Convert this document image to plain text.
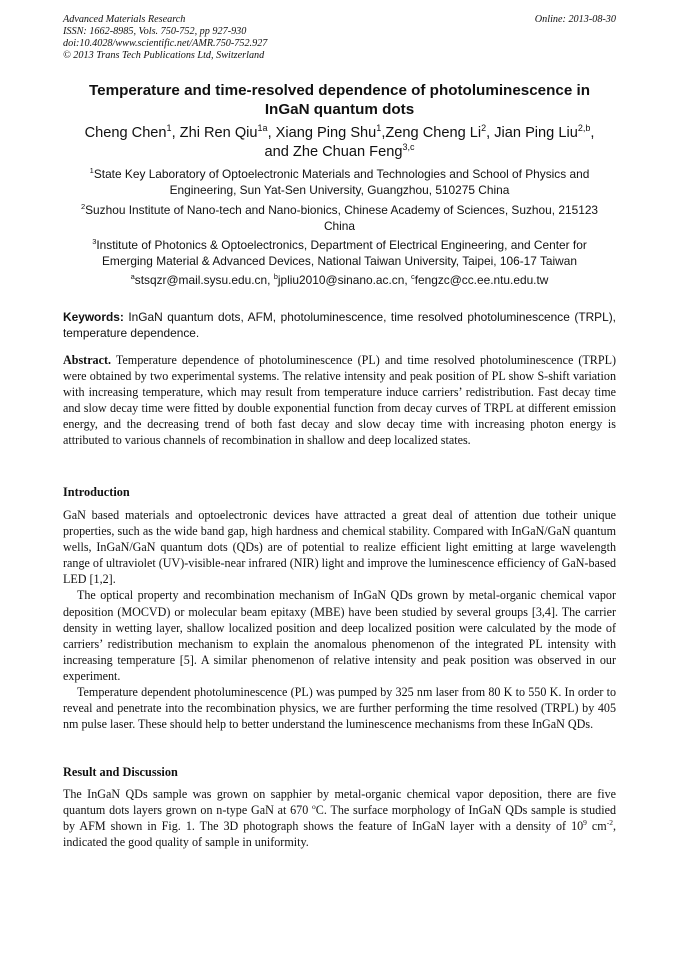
Advanced Materials Research	Online: 2013-08-30
ISSN: 1662-8985, Vols. 750-752, pp 927-930
doi:10.4028/www.scientific.net/AMR.750-752.927
© 2013 Trans Tech Publications Ltd, Switzerland
Temperature and time-resolved dependence of photoluminescence in
InGaN quantum dots
Cheng Chen$^1$, Zhi Ren Qiu$^{1a}$, Xiang Ping Shu$^1$,Zeng Cheng Li$^2$, Jian Ping Liu$^{2,b}$,
and Zhe Chuan Feng$^{3,c}$
$^1$State Key Laboratory of Optoelectronic Materials and Technologies and School of Physics and
Engineering, Sun Yat-Sen University, Guangzhou, 510275 China
$^2$Suzhou Institute of Nano-tech and Nano-bionics, Chinese Academy of Sciences, Suzhou, 215123
China
$^3$Institute of Photonics & Optoelectronics, Department of Electrical Engineering, and Center for
Emerging Material & Advanced Devices, National Taiwan University, Taipei, 106-17 Taiwan
$^a$stsqzr@mail.sysu.edu.cn, $^b$jpliu2010@sinano.ac.cn, $^c$fengzc@cc.ee.ntu.edu.tw
Keywords: InGaN quantum dots, AFM, photoluminescence, time resolved photoluminescence (TRPL), temperature dependence.
Abstract. Temperature dependence of photoluminescence (PL) and time resolved photoluminescence (TRPL) were obtained by two experimental systems. The relative intensity and peak position of PL show S-shift variation with increasing temperature, which may result from temperature induce carriers’ redistribution. Fast decay time and slow decay time were fitted by double exponential function from decay curves of TRPL at different emission energy, and the decreasing trend of both fast decay and slow decay time with increasing photon energy is attributed to various channels of recombination in shallow and deep localized states.
Introduction

GaN based materials and optoelectronic devices have attracted a great deal of attention due totheir unique properties, such as the wide band gap, high hardness and chemical stability. Compared with InGaN/GaN quantum wells, InGaN/GaN quantum dots (QDs) are of potential to realize efficient light emitting at large wavelength range of ultraviolet (UV)-visible-near infrared (NIR) light and improve the luminescence efficiency of GaN-based LED [1,2].

The optical property and recombination mechanism of InGaN QDs grown by metal-organic chemical vapor deposition (MOCVD) or molecular beam epitaxy (MBE) have been studied by several groups [3,4]. The carrier density in wetting layer, shallow localized position and deep localized position were calculated by the mode of carriers’ redistribution mechanism to explain the anomalous phenomenon of the integrated PL intensity with increasing temperature [5]. A similar phenomenon of relative intensity and peak position was observed in our experiment.

Temperature dependent photoluminescence (PL) was pumped by 325 nm laser from 80 K to 550 K. In order to reveal and penetrate into the recombination physics, we are further performing the time resolved (TRPL) by 405 nm pulse laser. These should help to better understand the luminescence mechanisms from these InGaN QDs.

Result and Discussion

The InGaN QDs sample was grown on sapphier by metal-organic chemical vapor deposition, there are five quantum dots layers grown on n-type GaN at 670 $^o$C. The surface morphology of InGaN QDs sample is studied by AFM shown in Fig. 1. The 3D photograph shows the feature of InGaN layer with a density of $10^9$ $cm^{-2}$, indicated the good quality of sample in uniformity.
